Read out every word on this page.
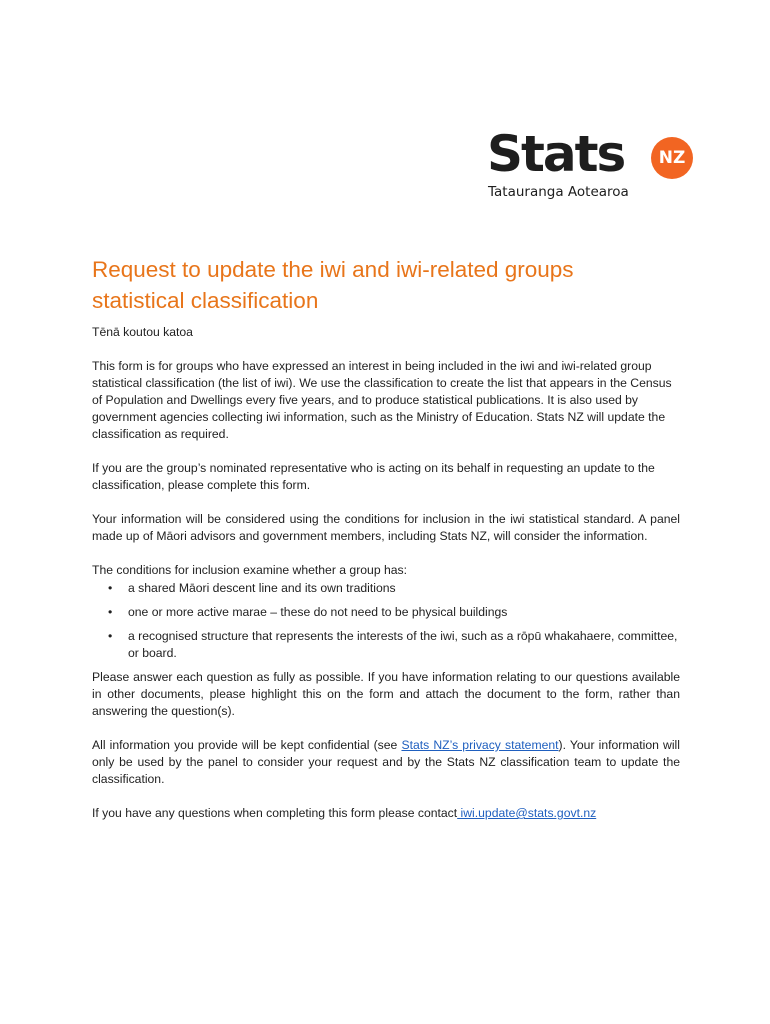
Stats	NZ
Tatauranga Aotearoa
Request to update the iwi and iwi-related groups
statistical classification

Tēnā koutou katoa

This form is for groups who have expressed an interest in being included in the iwi and iwi-related group statistical classification (the list of iwi). We use the classification to create the list that appears in the Census of Population and Dwellings every five years, and to produce statistical publications. It is also used by government agencies collecting iwi information, such as the Ministry of Education. Stats NZ will update the classification as required.

If you are the group’s nominated representative who is acting on its behalf in requesting an update to the classification, please complete this form.

Your information will be considered using the conditions for inclusion in the iwi statistical standard. A panel made up of Māori advisors and government members, including Stats NZ, will consider the information.

The conditions for inclusion examine whether a group has:

• a shared Māori descent line and its own traditions
• one or more active marae – these do not need to be physical buildings
• a recognised structure that represents the interests of the iwi, such as a rōpū whakahaere, committee, or board.

Please answer each question as fully as possible. If you have information relating to our questions available in other documents, please highlight this on the form and attach the document to the form, rather than answering the question(s).

All information you provide will be kept confidential (see Stats NZ’s privacy statement). Your information will only be used by the panel to consider your request and by the Stats NZ classification team to update the classification.

If you have any questions when completing this form please contact iwi.update@stats.govt.nz
